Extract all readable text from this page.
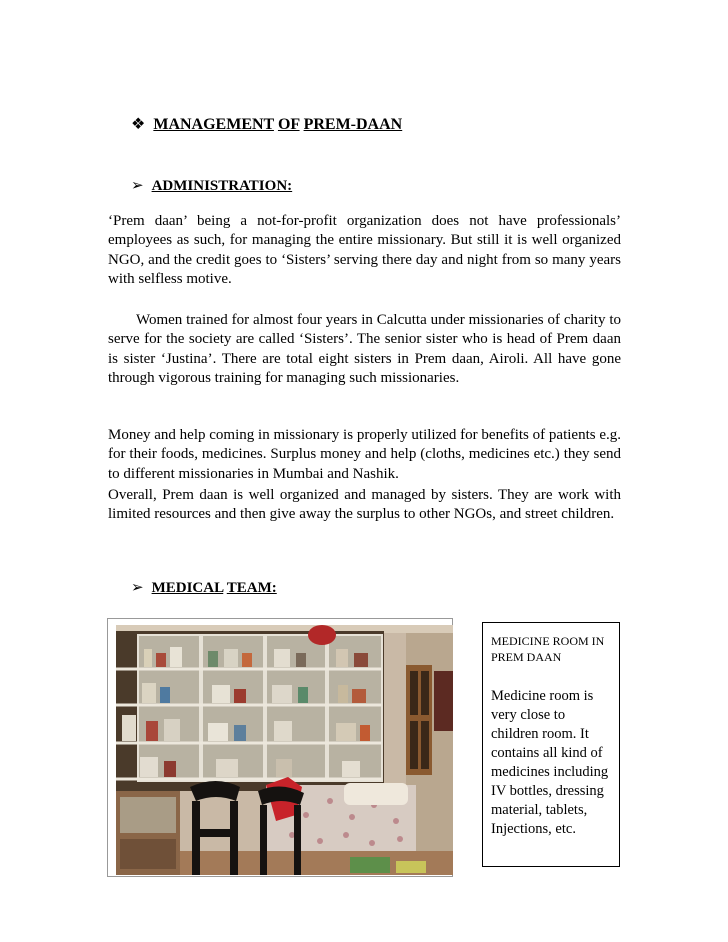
❖ MANAGEMENT OF PREM-DAAN
➢ ADMINISTRATION:
‘Prem daan’ being a not-for-profit organization does not have professionals’ employees as such, for managing the entire missionary. But still it is well organized NGO, and the credit goes to ‘Sisters’ serving there day and night from so many years with selfless motive.
Women trained for almost four years in Calcutta under missionaries of charity to serve for the society are called ‘Sisters’. The senior sister who is head of Prem daan is sister ‘Justina’. There are total eight sisters in Prem daan, Airoli. All have gone through vigorous training for managing such missionaries.
Money and help coming in missionary is properly utilized for benefits of patients e.g. for their foods, medicines. Surplus money and help (cloths, medicines etc.) they send to different missionaries in Mumbai and Nashik.
Overall, Prem daan is well organized and managed by sisters. They are work with limited resources and then give away the surplus to other NGOs, and street children.
➢ MEDICAL TEAM:
MEDICINE ROOM IN PREM DAAN
Medicine room is very close to children room. It contains all kind of medicines including IV bottles, dressing material, tablets, Injections, etc.
